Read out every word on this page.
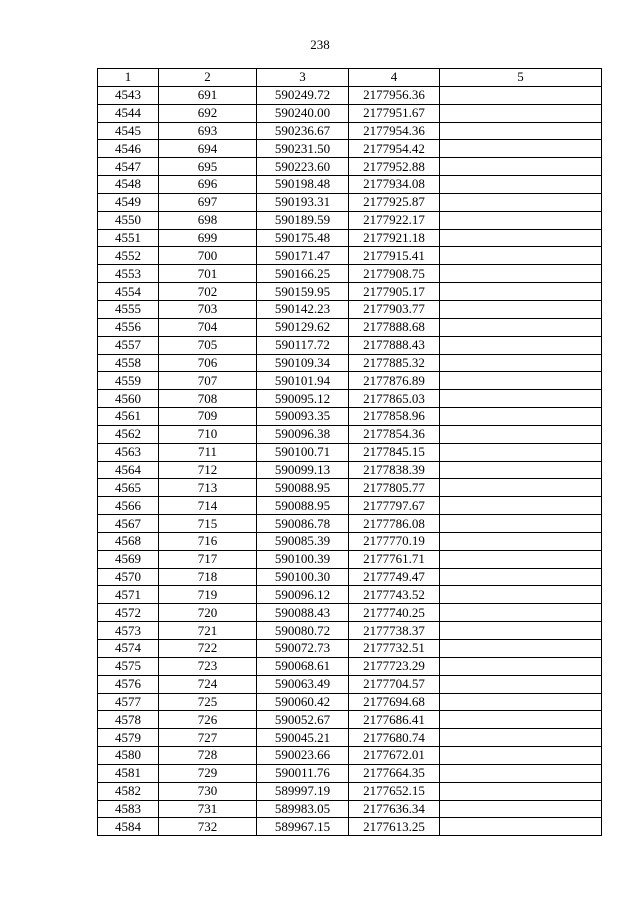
238
1	2	3	4	5
4543	691	590249.72	2177956.36	
4544	692	590240.00	2177951.67	
4545	693	590236.67	2177954.36	
4546	694	590231.50	2177954.42	
4547	695	590223.60	2177952.88	
4548	696	590198.48	2177934.08	
4549	697	590193.31	2177925.87	
4550	698	590189.59	2177922.17	
4551	699	590175.48	2177921.18	
4552	700	590171.47	2177915.41	
4553	701	590166.25	2177908.75	
4554	702	590159.95	2177905.17	
4555	703	590142.23	2177903.77	
4556	704	590129.62	2177888.68	
4557	705	590117.72	2177888.43	
4558	706	590109.34	2177885.32	
4559	707	590101.94	2177876.89	
4560	708	590095.12	2177865.03	
4561	709	590093.35	2177858.96	
4562	710	590096.38	2177854.36	
4563	711	590100.71	2177845.15	
4564	712	590099.13	2177838.39	
4565	713	590088.95	2177805.77	
4566	714	590088.95	2177797.67	
4567	715	590086.78	2177786.08	
4568	716	590085.39	2177770.19	
4569	717	590100.39	2177761.71	
4570	718	590100.30	2177749.47	
4571	719	590096.12	2177743.52	
4572	720	590088.43	2177740.25	
4573	721	590080.72	2177738.37	
4574	722	590072.73	2177732.51	
4575	723	590068.61	2177723.29	
4576	724	590063.49	2177704.57	
4577	725	590060.42	2177694.68	
4578	726	590052.67	2177686.41	
4579	727	590045.21	2177680.74	
4580	728	590023.66	2177672.01	
4581	729	590011.76	2177664.35	
4582	730	589997.19	2177652.15	
4583	731	589983.05	2177636.34	
4584	732	589967.15	2177613.25	
